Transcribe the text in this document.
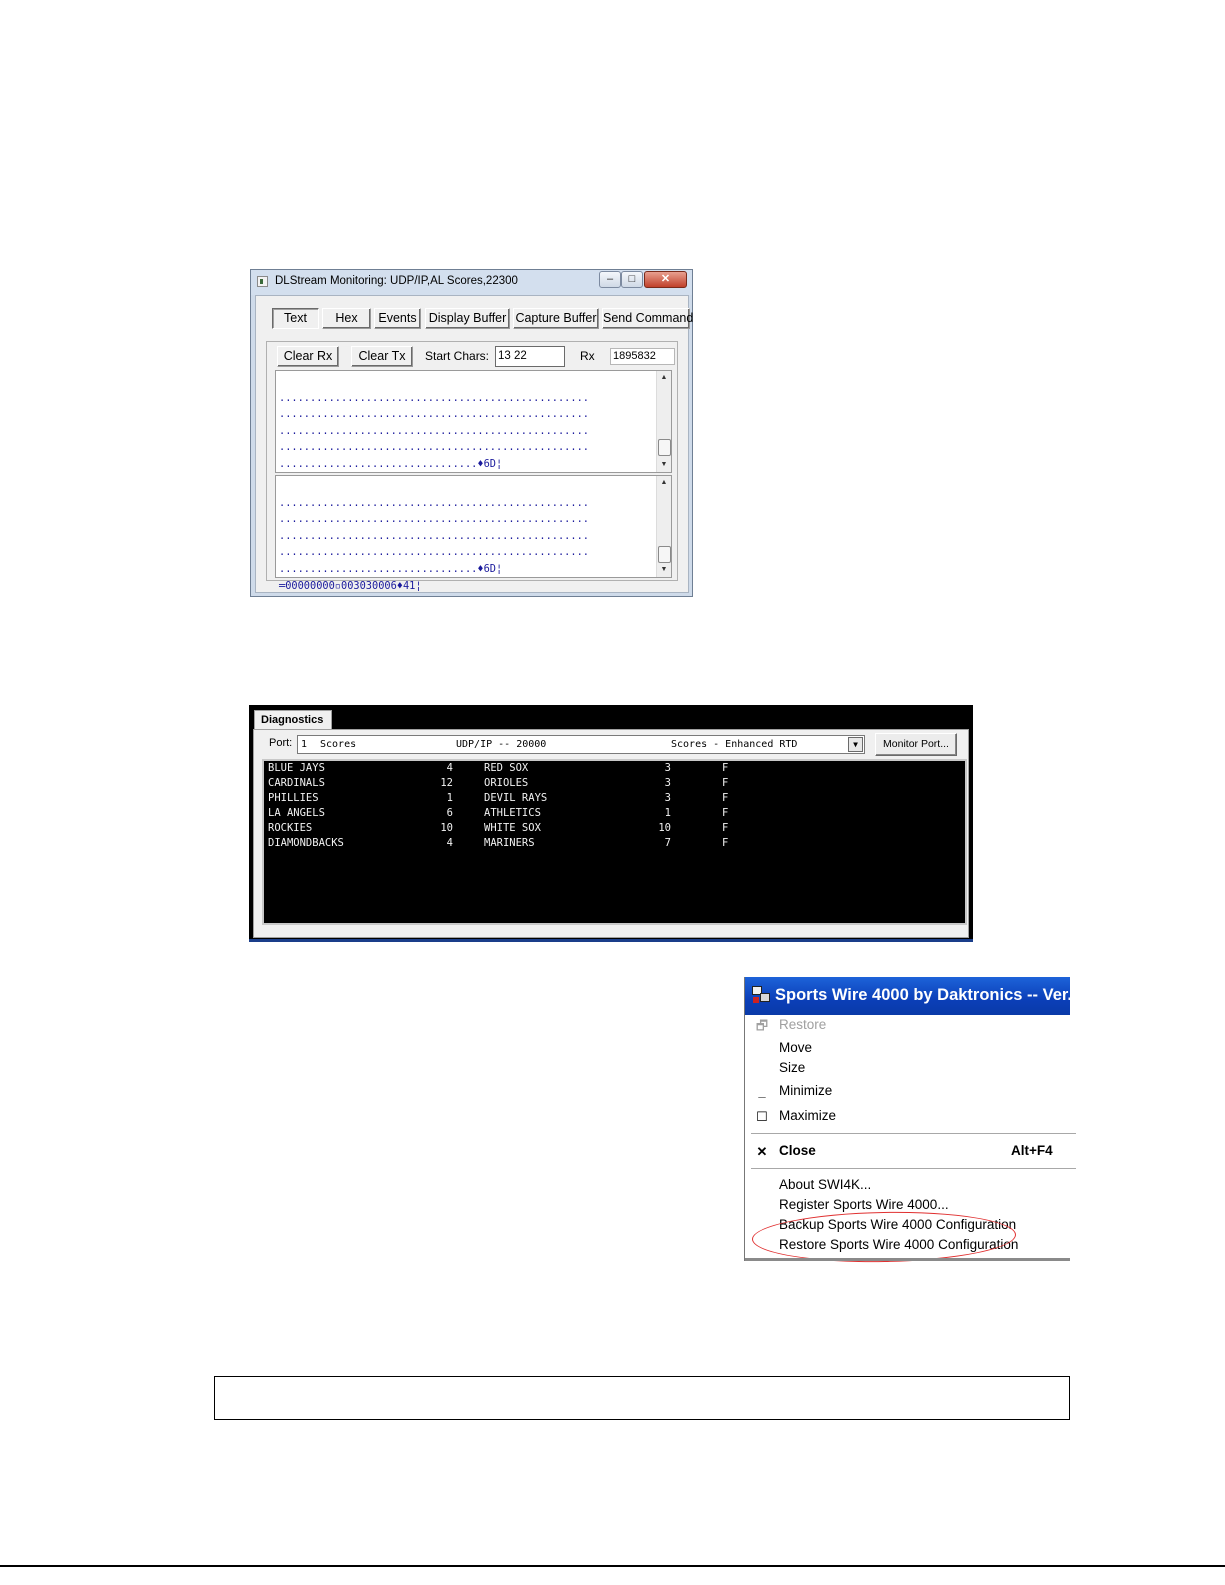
DLStream Monitoring: UDP/IP,AL Scores,22300	–	□	✕
Text	Hex	Events Display Buffer Capture Buffer Send Command
Clear Rx	Clear Tx	Start Chars: 13 22	Rx 1895832

..................................................
..................................................
..................................................
..................................................
................................♦6D¦

▲
▼

..................................................
..................................................
..................................................
..................................................
................................♦6D¦
═00000000▫003030006♦41¦
▲
▼
Diagnostics
Port:

1

Scores

	UDP/IP -- 20000

	Scores - Enhanced RTD

	▼

	Monitor Port...

BLUE JAYS

	4

	RED SOX

	3

	F

CARDINALS

	12

	ORIOLES

	3

	F

PHILLIES

	1

	DEVIL RAYS

	3

	F

LA ANGELS

	6

	ATHLETICS

	1

	F

ROCKIES

	10

	WHITE SOX

	10

	F

DIAMONDBACKS

	4

	MARINERS

	7

	F

Sports Wire 4000 by Daktronics -- Ver.
🗗 Restore
Move
Size
_ Minimize
☐ Maximize
✕ Close	Alt+F4
About SWI4K...
Register Sports Wire 4000...
Backup Sports Wire 4000 Configuration
Restore Sports Wire 4000 Configuration
